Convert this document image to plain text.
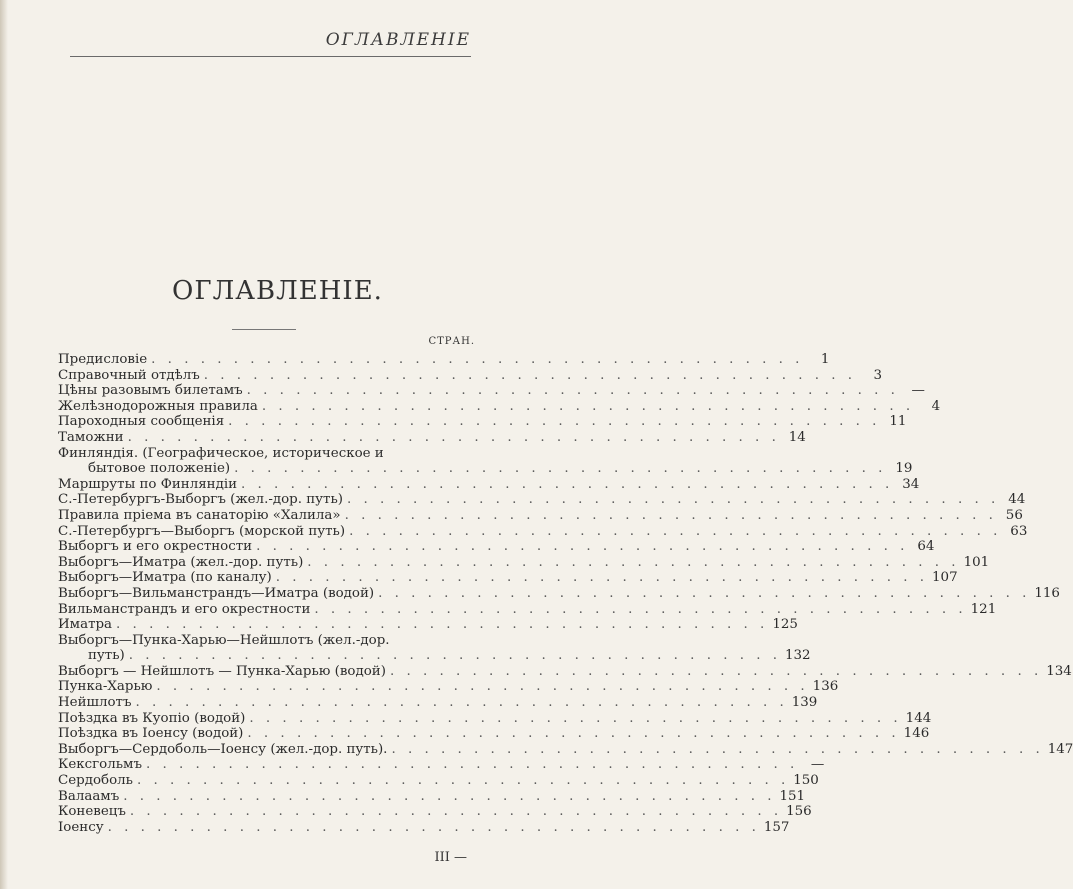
ОГЛАВЛЕНІЕ
ОГЛАВЛЕНІЕ.
СТРАН.
Предисловіе . . . . . . . . . . . . . . . . . . . . . . . . . . . . . . . . . . . . . . . .	1
Справочный отдѣлъ . . . . . . . . . . . . . . . . . . . . . . . . . . . . . . . . . . . . . . . .	3
Цѣны разовымъ билетамъ . . . . . . . . . . . . . . . . . . . . . . . . . . . . . . . . . . . . . . . . —
Желѣзнодорожныя правила . . . . . . . . . . . . . . . . . . . . . . . . . . . . . . . . . . . . . . . .	4
Пароходныя сообщенія . . . . . . . . . . . . . . . . . . . . . . . . . . . . . . . . . . . . . . . . 11
Таможни . . . . . . . . . . . . . . . . . . . . . . . . . . . . . . . . . . . . . . . . 14
Финляндія. (Географическое, историческое и
бытовое положеніе) . . . . . . . . . . . . . . . . . . . . . . . . . . . . . . . . . . . . . . . . 19
Маршруты по Финляндіи . . . . . . . . . . . . . . . . . . . . . . . . . . . . . . . . . . . . . . . . 34
С.-Петербургъ-Выборгъ (жел.-дор. путь) . . . . . . . . . . . . . . . . . . . . . . . . . . . . . . . . . . . . . . . . 44
Правила пріема въ санаторію «Халила» . . . . . . . . . . . . . . . . . . . . . . . . . . . . . . . . . . . . . . . . 56
С.-Петербургъ—Выборгъ (морской путь) . . . . . . . . . . . . . . . . . . . . . . . . . . . . . . . . . . . . . . . . 63
Выборгъ и его окрестности . . . . . . . . . . . . . . . . . . . . . . . . . . . . . . . . . . . . . . . . 64
Выборгъ—Иматра (жел.-дор. путь) . . . . . . . . . . . . . . . . . . . . . . . . . . . . . . . . . . . . . . . . 101
Выборгъ—Иматра (по каналу) . . . . . . . . . . . . . . . . . . . . . . . . . . . . . . . . . . . . . . . . 107
Выборгъ—Вильманстрандъ—Иматра (водой) . . . . . . . . . . . . . . . . . . . . . . . . . . . . . . . . . . . . . . . . 116
Вильманстрандъ и его окрестности . . . . . . . . . . . . . . . . . . . . . . . . . . . . . . . . . . . . . . . . 121
Иматра . . . . . . . . . . . . . . . . . . . . . . . . . . . . . . . . . . . . . . . . 125
Выборгъ—Пунка-Харью—Нейшлотъ (жел.-дор.
путь) . . . . . . . . . . . . . . . . . . . . . . . . . . . . . . . . . . . . . . . . 132
Выборгъ — Нейшлотъ — Пунка-Харью (водой) . . . . . . . . . . . . . . . . . . . . . . . . . . . . . . . . . . . . . . . . 134
Пунка-Харью . . . . . . . . . . . . . . . . . . . . . . . . . . . . . . . . . . . . . . . . 136
Нейшлотъ . . . . . . . . . . . . . . . . . . . . . . . . . . . . . . . . . . . . . . . . 139
Поѣздка въ Куопіо (водой) . . . . . . . . . . . . . . . . . . . . . . . . . . . . . . . . . . . . . . . . 144
Поѣздка въ Іоенсу (водой) . . . . . . . . . . . . . . . . . . . . . . . . . . . . . . . . . . . . . . . . 146
Выборгъ—Сердоболь—Іоенсу (жел.-дор. путь). . . . . . . . . . . . . . . . . . . . . . . . . . . . . . . . . . . . . . . . . 147
Кексгольмъ . . . . . . . . . . . . . . . . . . . . . . . . . . . . . . . . . . . . . . . . —
Сердоболь . . . . . . . . . . . . . . . . . . . . . . . . . . . . . . . . . . . . . . . . 150
Валаамъ . . . . . . . . . . . . . . . . . . . . . . . . . . . . . . . . . . . . . . . . 151
Коневецъ . . . . . . . . . . . . . . . . . . . . . . . . . . . . . . . . . . . . . . . . 156
Іоенсу . . . . . . . . . . . . . . . . . . . . . . . . . . . . . . . . . . . . . . . . 157
III —
